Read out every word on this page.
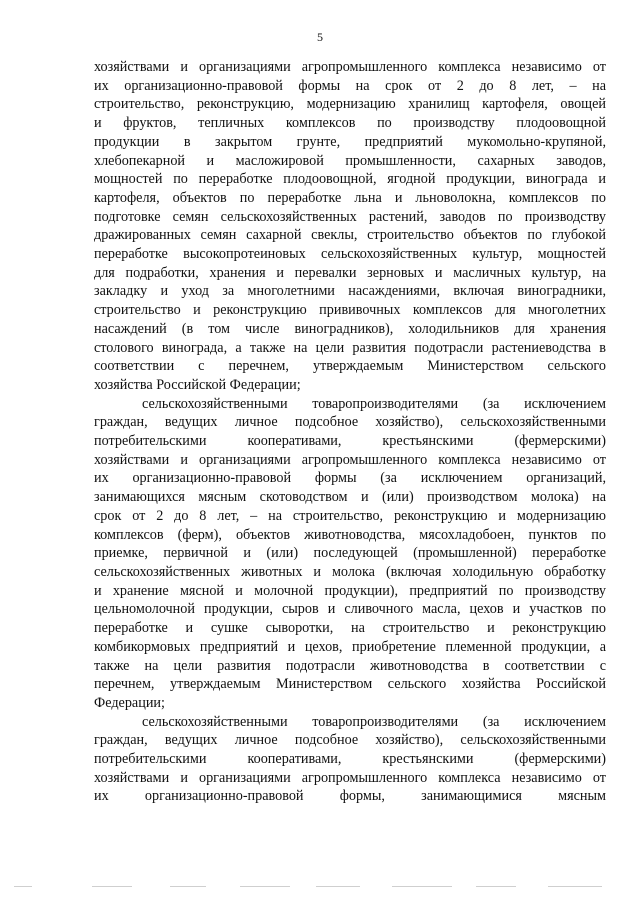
5
хозяйствами и организациями агропромышленного комплекса независимо от
их организационно-правовой формы на срок от 2 до 8 лет, – на
строительство, реконструкцию, модернизацию хранилищ картофеля, овощей
и фруктов, тепличных комплексов по производству плодоовощной
продукции в закрытом грунте, предприятий мукомольно-крупяной,
хлебопекарной и масложировой промышленности, сахарных заводов,
мощностей по переработке плодоовощной, ягодной продукции, винограда и
картофеля, объектов по переработке льна и льноволокна, комплексов по
подготовке семян сельскохозяйственных растений, заводов по производству
дражированных семян сахарной свеклы, строительство объектов по глубокой
переработке высокопротеиновых сельскохозяйственных культур, мощностей
для подработки, хранения и перевалки зерновых и масличных культур, на
закладку и уход за многолетними насаждениями, включая виноградники,
строительство и реконструкцию прививочных комплексов для многолетних
насаждений (в том числе виноградников), холодильников для хранения
столового винограда, а также на цели развития подотрасли растениеводства в
соответствии с перечнем, утверждаемым Министерством сельского
хозяйства Российской Федерации;
сельскохозяйственными товаропроизводителями (за исключением
граждан, ведущих личное подсобное хозяйство), сельскохозяйственными
потребительскими кооперативами, крестьянскими (фермерскими)
хозяйствами и организациями агропромышленного комплекса независимо от
их организационно-правовой формы (за исключением организаций,
занимающихся мясным скотоводством и (или) производством молока) на
срок от 2 до 8 лет, – на строительство, реконструкцию и модернизацию
комплексов (ферм), объектов животноводства, мясохладобоен, пунктов по
приемке, первичной и (или) последующей (промышленной) переработке
сельскохозяйственных животных и молока (включая холодильную обработку
и хранение мясной и молочной продукции), предприятий по производству
цельномолочной продукции, сыров и сливочного масла, цехов и участков по
переработке и сушке сыворотки, на строительство и реконструкцию
комбикормовых предприятий и цехов, приобретение племенной продукции, а
также на цели развития подотрасли животноводства в соответствии с
перечнем, утверждаемым Министерством сельского хозяйства Российской
Федерации;
сельскохозяйственными товаропроизводителями (за исключением
граждан, ведущих личное подсобное хозяйство), сельскохозяйственными
потребительскими кооперативами, крестьянскими (фермерскими)
хозяйствами и организациями агропромышленного комплекса независимо от
их организационно-правовой формы, занимающимися мясным
